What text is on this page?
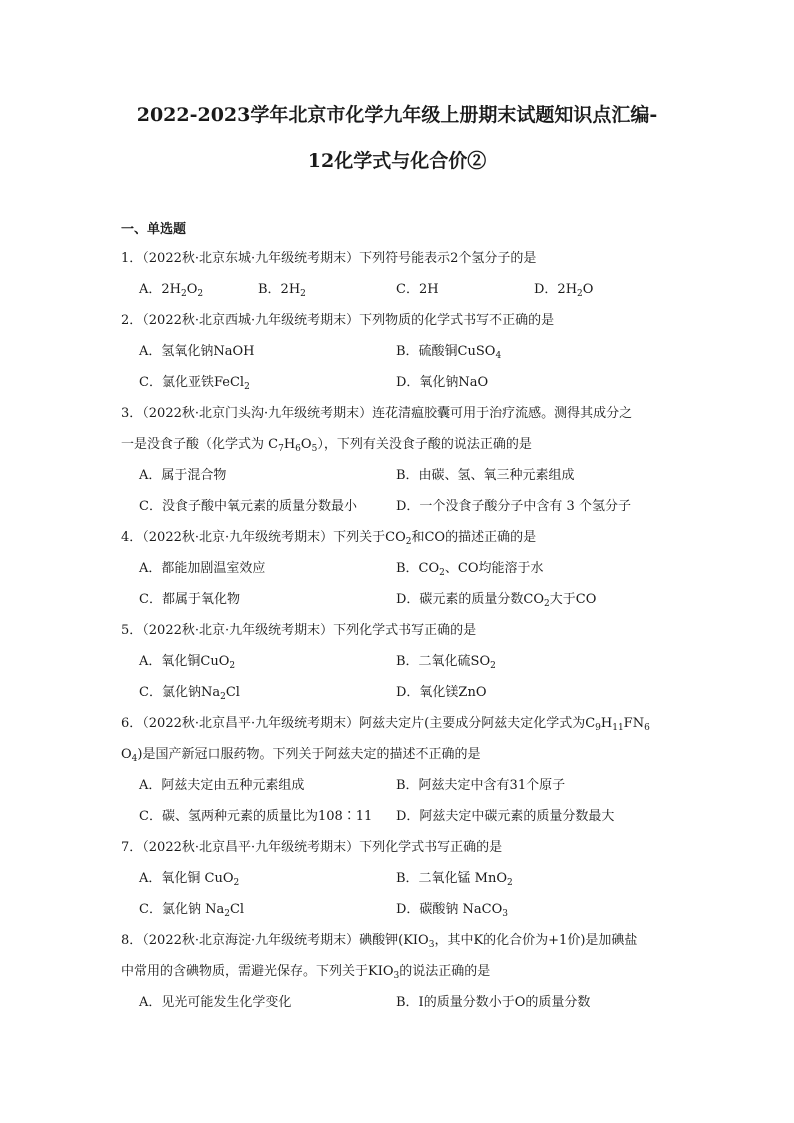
2022-2023学年北京市化学九年级上册期末试题知识点汇编-
12化学式与化合价②
一、单选题
1．（2022秋·北京东城·九年级统考期末）下列符号能表示2个氢分子的是
A．$2H_2O_2$	B．$2H_2$	C．2H	D．$2H_2O$
2．（2022秋·北京西城·九年级统考期末）下列物质的化学式书写不正确的是
A．氢氧化钠NaOH	B．硫酸铜CuSO$_4$
C．氯化亚铁FeCl$_2$	D．氧化钠NaO
3．（2022秋·北京门头沟·九年级统考期末）连花清瘟胶囊可用于治疗流感。测得其成分之
一是没食子酸（化学式为 $C_7H_6O_5$），下列有关没食子酸的说法正确的是
A．属于混合物	B．由碳、氢、氧三种元素组成
C．没食子酸中氧元素的质量分数最小	D．一个没食子酸分子中含有 3 个氢分子
4．（2022秋·北京·九年级统考期末）下列关于$CO_2$和CO的描述正确的是
A．都能加剧温室效应	B．$CO_2$、CO均能溶于水
C．都属于氧化物	D．碳元素的质量分数$CO_2$大于CO
5．（2022秋·北京·九年级统考期末）下列化学式书写正确的是
A．氧化铜CuO$_2$	B．二氧化硫$SO_2$
C．氯化钠$Na_2Cl$	D．氧化镁ZnO
6．（2022秋·北京昌平·九年级统考期末）阿兹夫定片(主要成分阿兹夫定化学式为$C_9H_{11}FN_6$
$O_4$)是国产新冠口服药物。下列关于阿兹夫定的描述不正确的是
A．阿兹夫定由五种元素组成	B．阿兹夫定中含有31个原子
C．碳、氢两种元素的质量比为108∶11 D．阿兹夫定中碳元素的质量分数最大
7．（2022秋·北京昌平·九年级统考期末）下列化学式书写正确的是
A．氧化铜 CuO$_2$	B．二氧化锰 MnO$_2$
C．氯化钠 $Na_2Cl$	D．碳酸钠 NaCO$_3$
8．（2022秋·北京海淀·九年级统考期末）碘酸钾($KIO_3$，其中K的化合价为+1价)是加碘盐
中常用的含碘物质，需避光保存。下列关于$KIO_3$的说法正确的是
A．见光可能发生化学变化	B．I的质量分数小于O的质量分数
